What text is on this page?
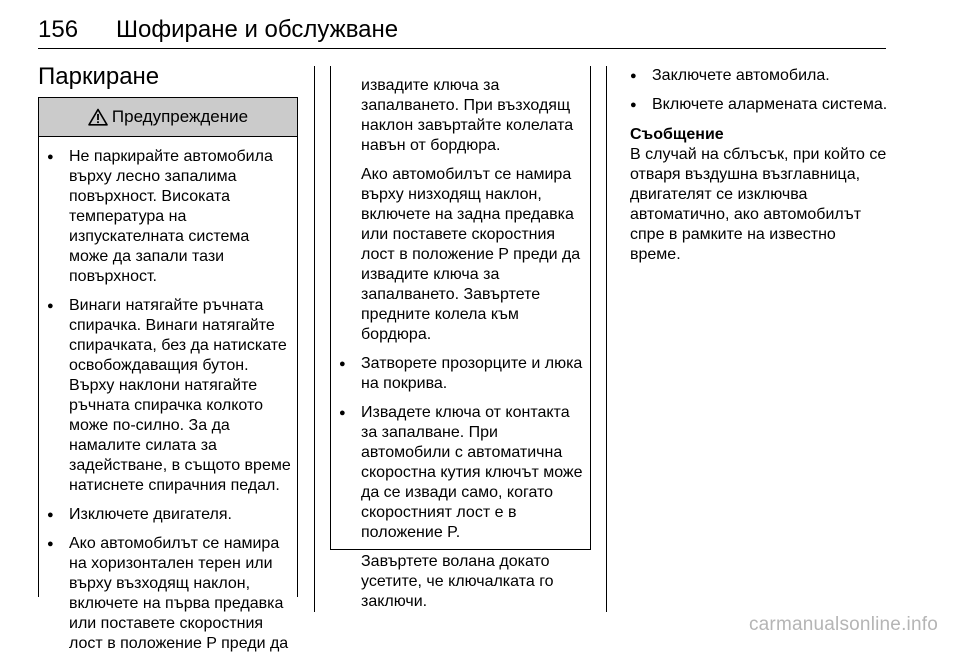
156 Шофиране и обслужване
Паркиране
Предупреждение
● Не паркирайте автомобила върху лесно запалима повърхност. Високата температура на изпускателната система може да запали тази повърхност.
● Винаги натягайте ръчната спирачка. Винаги натягайте спирачката, без да натискате освобождаващия бутон. Върху наклони натягайте ръчната спирачка колкото може по-силно. За да намалите силата за задействане, в същото време натиснете спирачния педал.
● Изключете двигателя.
● Ако автомобилът се намира на хоризонтален терен или върху възходящ наклон, включете на първа предавка или поставете скоростния лост в положение P преди да

извадите ключа за запалването. При възходящ наклон завъртайте колелата навън от бордюра.

Ако автомобилът се намира върху низходящ наклон, включете на задна предавка или поставете скоростния лост в положение P преди да извадите ключа за запалването. Завъртете предните колела към бордюра.

● Затворете прозорците и люка на покрива.
● Извадете ключа от контакта за запалване. При автомобили с автоматична скоростна кутия ключът може да се извади само, когато скоростният лост е в положение P.

Завъртете волана докато усетите, че ключалката го заключи.

● Заключете автомобила.
● Включете алармената система.
Съобщение
В случай на сблъсък, при който се отваря въздушна възглавница, двигателят се изключва автоматично, ако автомобилът спре в рамките на известно време.
carmanualsonline.info
